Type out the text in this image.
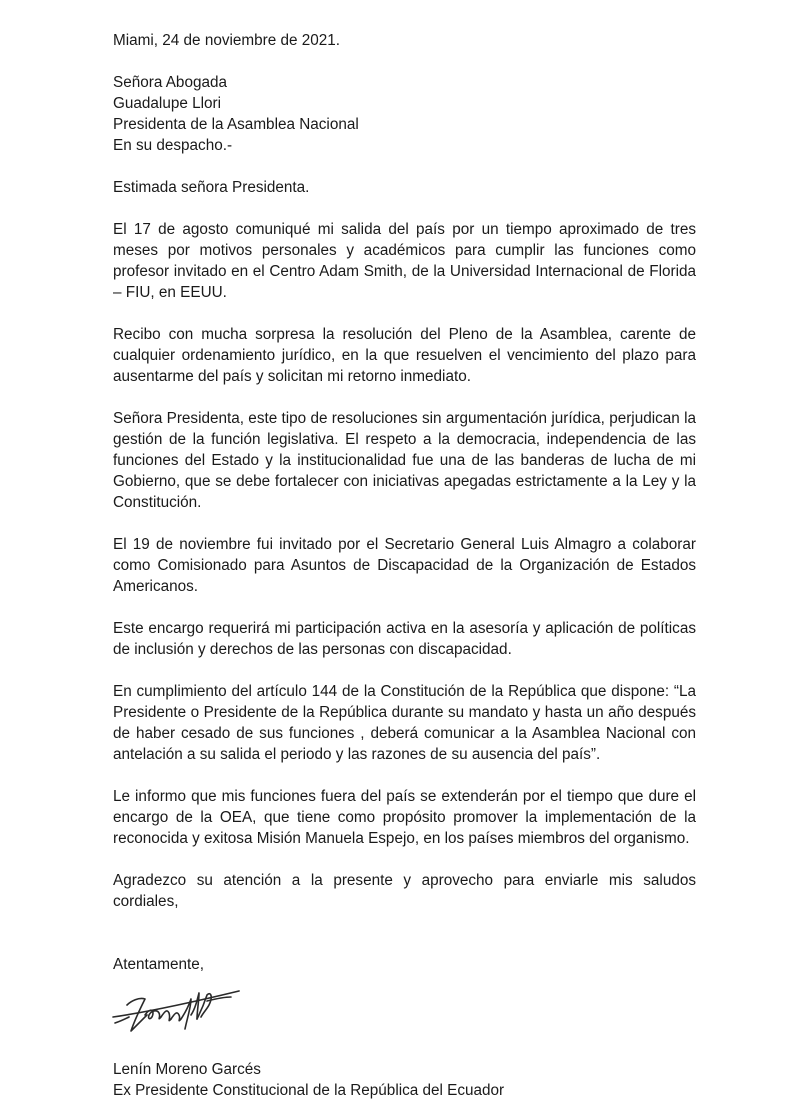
Miami, 24 de noviembre de 2021.
Señora Abogada
Guadalupe Llori
Presidenta de la Asamblea Nacional
En su despacho.-
Estimada señora Presidenta.

El 17 de agosto comuniqué mi salida del país por un tiempo aproximado de tres meses por motivos personales y académicos para cumplir las funciones como profesor invitado en el Centro Adam Smith, de la Universidad Internacional de Florida – FIU, en EEUU.

Recibo con mucha sorpresa la resolución del Pleno de la Asamblea, carente de cualquier ordenamiento jurídico, en la que resuelven el vencimiento del plazo para ausentarme del país y solicitan mi retorno inmediato.

Señora Presidenta, este tipo de resoluciones sin argumentación jurídica, perjudican la gestión de la función legislativa. El respeto a la democracia, independencia de las funciones del Estado y la institucionalidad fue una de las banderas de lucha de mi Gobierno, que se debe fortalecer con iniciativas apegadas estrictamente a la Ley y la Constitución.

El 19 de noviembre fui invitado por el Secretario General Luis Almagro a colaborar como Comisionado para Asuntos de Discapacidad de la Organización de Estados Americanos.

Este encargo requerirá mi participación activa en la asesoría y aplicación de políticas de inclusión y derechos de las personas con discapacidad.

En cumplimiento del artículo 144 de la Constitución de la República que dispone: “La Presidente o Presidente de la República durante su mandato y hasta un año después de haber cesado de sus funciones , deberá comunicar a la Asamblea Nacional con antelación a su salida el periodo y las razones de su ausencia del país”.

Le informo que mis funciones fuera del país se extenderán por el tiempo que dure el encargo de la OEA, que tiene como propósito promover la implementación de la reconocida y exitosa Misión Manuela Espejo, en los países miembros del organismo.

Agradezco su atención a la presente y aprovecho para enviarle mis saludos cordiales,

Atentamente,
Lenín Moreno Garcés
Ex Presidente Constitucional de la República del Ecuador
